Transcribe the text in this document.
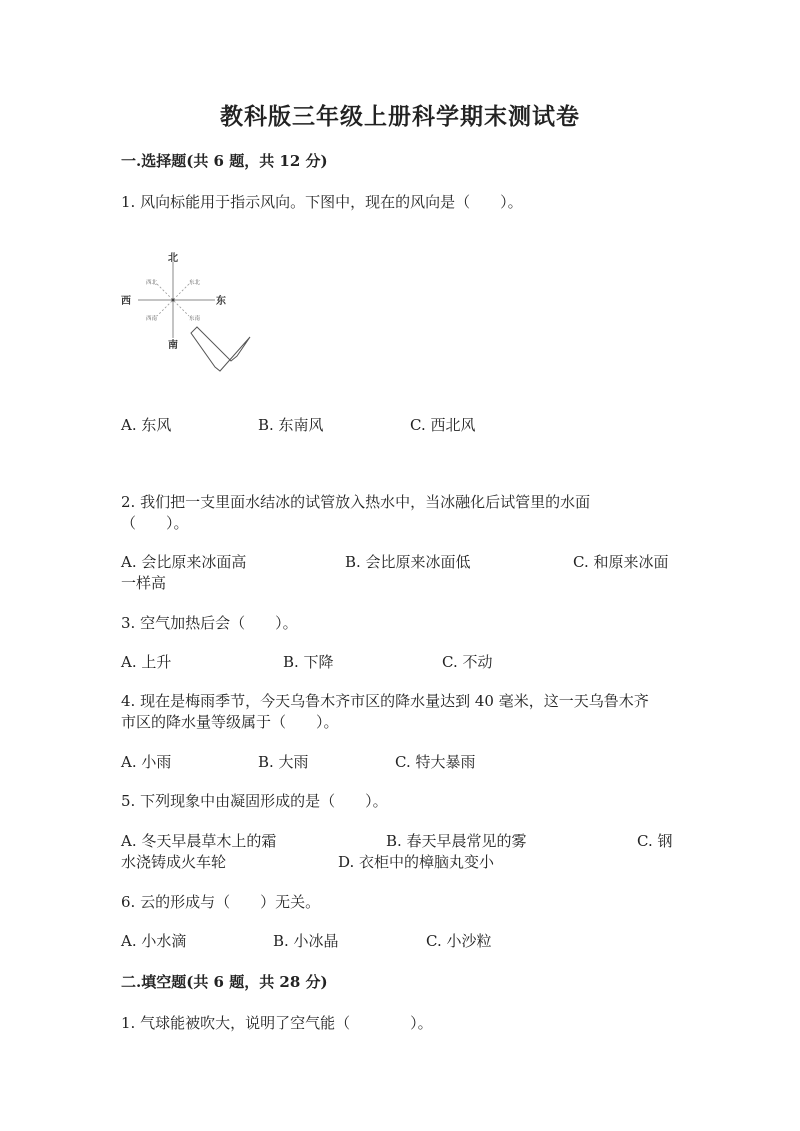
教科版三年级上册科学期末测试卷
一.选择题(共 6 题，共 12 分)
1. 风向标能用于指示风向。下图中，现在的风向是（　　）。
北
南
东
西
西北	东北
西南	东南
A. 东风	B. 东南风	C. 西北风
2. 我们把一支里面水结冰的试管放入热水中，当冰融化后试管里的水面
（　　）。
A. 会比原来冰面高	B. 会比原来冰面低	C. 和原来冰面
一样高
3. 空气加热后会（　　）。
A. 上升	B. 下降	C. 不动
4. 现在是梅雨季节，今天乌鲁木齐市区的降水量达到 40 毫米，这一天乌鲁木齐
市区的降水量等级属于（　　）。
A. 小雨	B. 大雨	C. 特大暴雨
5. 下列现象中由凝固形成的是（　　）。
A. 冬天早晨草木上的霜	B. 春天早晨常见的雾	C. 钢
水浇铸成火车轮	D. 衣柜中的樟脑丸变小
6. 云的形成与（　　）无关。
A. 小水滴	B. 小冰晶	C. 小沙粒
二.填空题(共 6 题，共 28 分)
1. 气球能被吹大，说明了空气能（　　　　）。
